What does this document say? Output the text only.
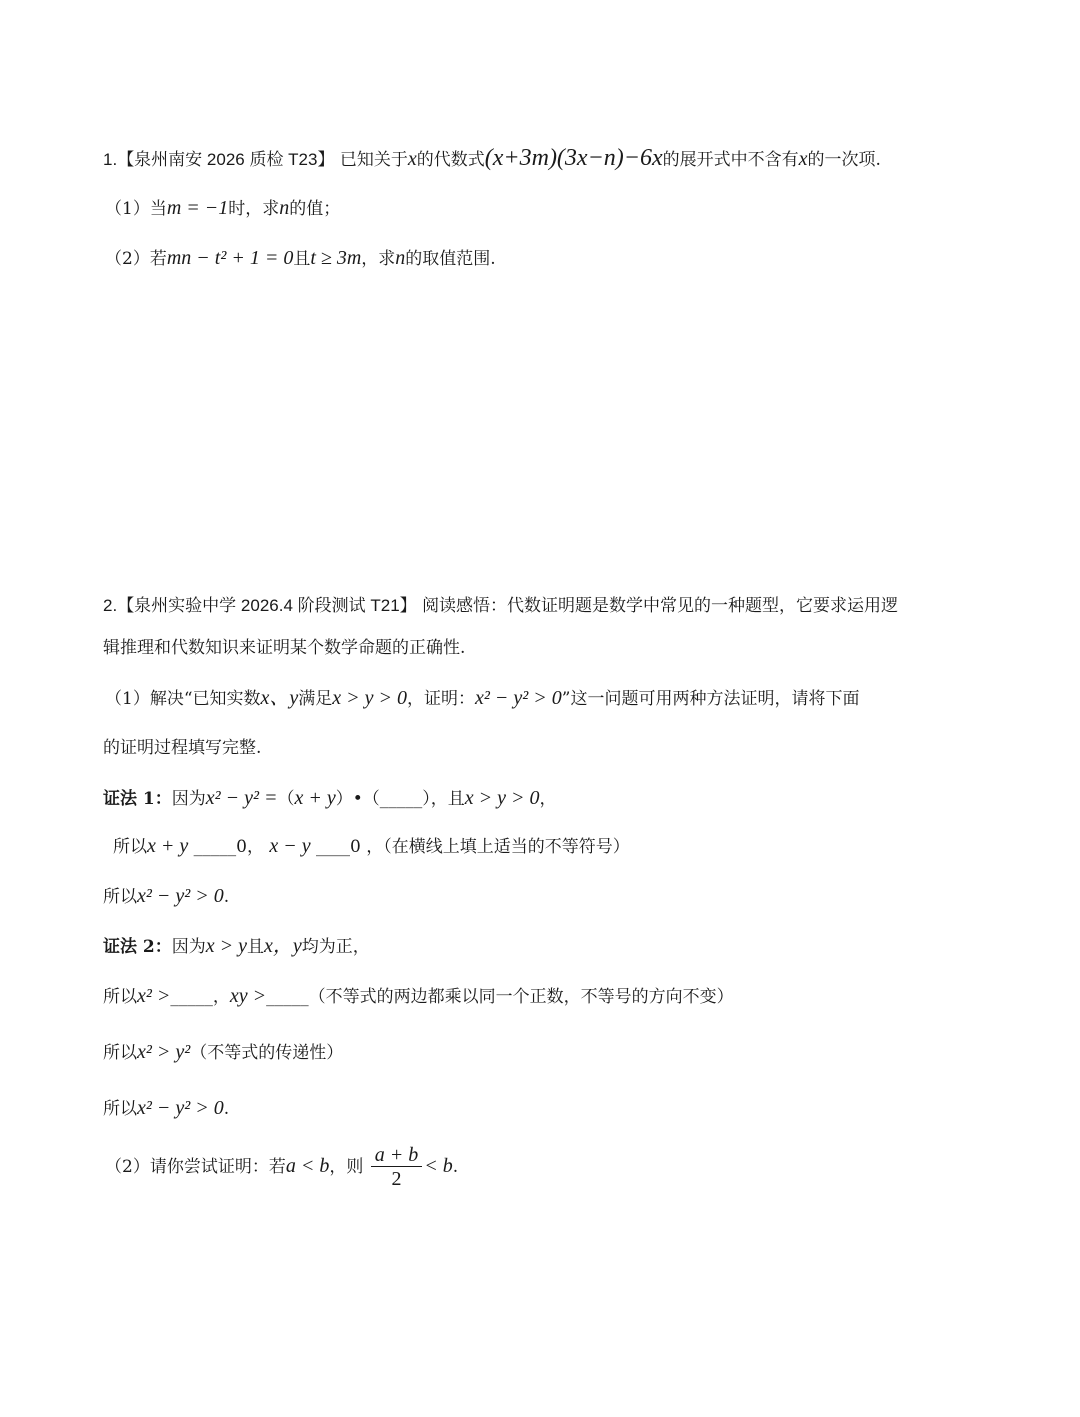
1.【泉州南安 2026 质检 T23】 已知关于x的代数式(x+3m)(3x−n)−6x的展开式中不含有x的一次项.
（1）当m = −1时，求n的值；
（2）若mn − t² + 1 = 0且t ≥ 3m，求n的取值范围.
2.【泉州实验中学 2026.4 阶段测试 T21】 阅读感悟：代数证明题是数学中常见的一种题型，它要求运用逻
辑推理和代数知识来证明某个数学命题的正确性.
（1）解决“已知实数x、y满足x > y > 0，证明：x² − y² > 0”这一问题可用两种方法证明，请将下面
的证明过程填写完整.
证法 1：因为x² − y² =（x + y）•（_____），且x > y > 0，
所以x + y _____0， x − y ____0 ，（在横线上填上适当的不等符号）
所以x² − y² > 0.
证法 2：因为x > y且x，y均为正，
所以x² >_____，xy >_____（不等式的两边都乘以同一个正数，不等号的方向不变）
所以x² > y²（不等式的传递性）
所以x² − y² > 0.
（2）请你尝试证明：若a < b，则 $\frac{a + b}{2} < b$.
